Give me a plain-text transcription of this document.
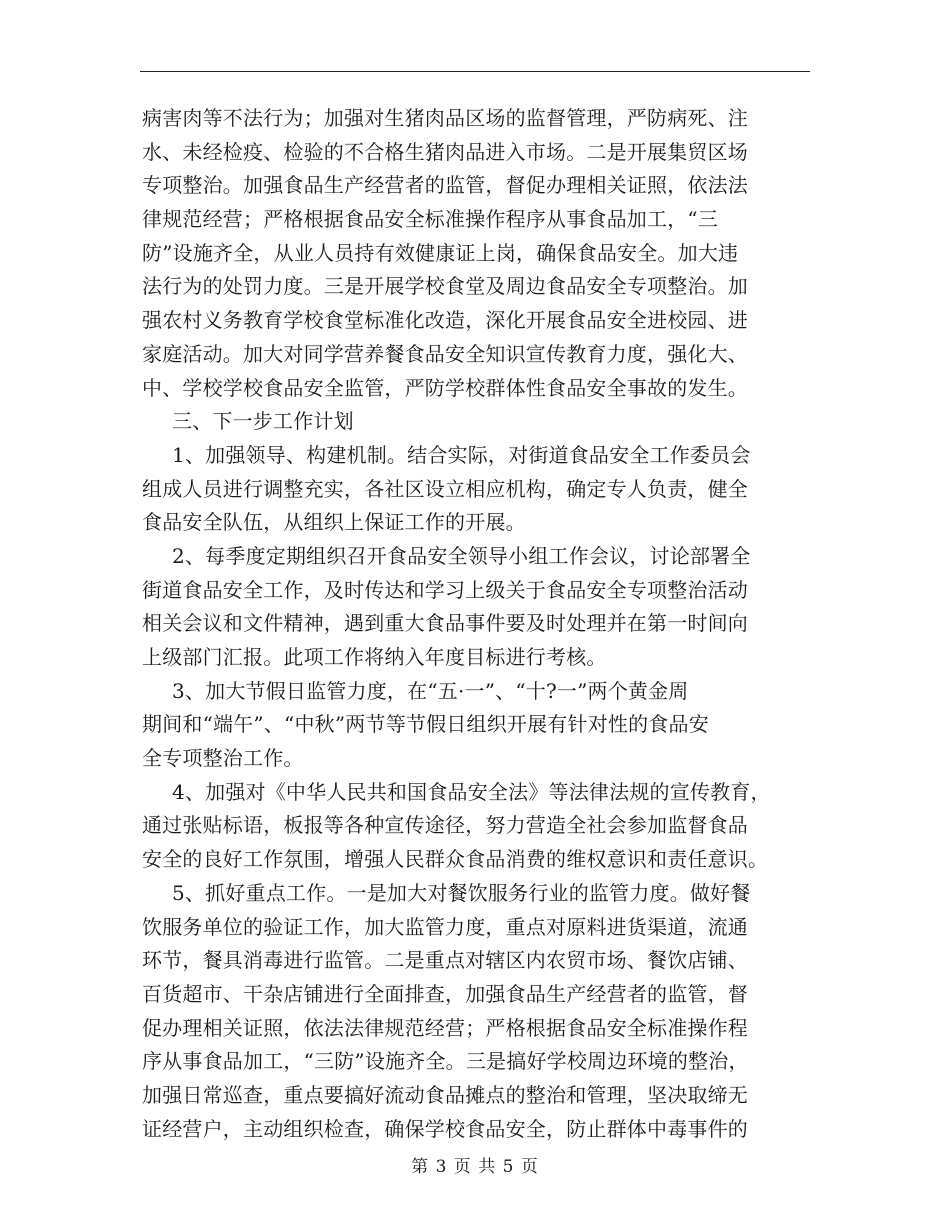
病害肉等不法行为；加强对生猪肉品区场的监督管理，严防病死、注
水、未经检疫、检验的不合格生猪肉品进入市场。二是开展集贸区场
专项整治。加强食品生产经营者的监管，督促办理相关证照，依法法
律规范经营；严格根据食品安全标准操作程序从事食品加工，“三
防”设施齐全，从业人员持有效健康证上岗，确保食品安全。加大违
法行为的处罚力度。三是开展学校食堂及周边食品安全专项整治。加
强农村义务教育学校食堂标准化改造，深化开展食品安全进校园、进
家庭活动。加大对同学营养餐食品安全知识宣传教育力度，强化大、
中、学校学校食品安全监管，严防学校群体性食品安全事故的发生。
三、下一步工作计划
1、加强领导、构建机制。结合实际，对街道食品安全工作委员会
组成人员进行调整充实，各社区设立相应机构，确定专人负责，健全
食品安全队伍，从组织上保证工作的开展。
2、每季度定期组织召开食品安全领导小组工作会议，讨论部署全
街道食品安全工作，及时传达和学习上级关于食品安全专项整治活动
相关会议和文件精神，遇到重大食品事件要及时处理并在第一时间向
上级部门汇报。此项工作将纳入年度目标进行考核。
3、加大节假日监管力度，在“五·一”、“十?一”两个黄金周
期间和“端午”、“中秋”两节等节假日组织开展有针对性的食品安
全专项整治工作。
4、加强对《中华人民共和国食品安全法》等法律法规的宣传教育，
通过张贴标语，板报等各种宣传途径，努力营造全社会参加监督食品
安全的良好工作氛围，增强人民群众食品消费的维权意识和责任意识。
5、抓好重点工作。一是加大对餐饮服务行业的监管力度。做好餐
饮服务单位的验证工作，加大监管力度，重点对原料进货渠道，流通
环节，餐具消毒进行监管。二是重点对辖区内农贸市场、餐饮店铺、
百货超市、干杂店铺进行全面排查，加强食品生产经营者的监管，督
促办理相关证照，依法法律规范经营；严格根据食品安全标准操作程
序从事食品加工，“三防”设施齐全。三是搞好学校周边环境的整治，
加强日常巡查，重点要搞好流动食品摊点的整治和管理，坚决取缔无
证经营户，主动组织检查，确保学校食品安全，防止群体中毒事件的
第 3 页 共 5 页
